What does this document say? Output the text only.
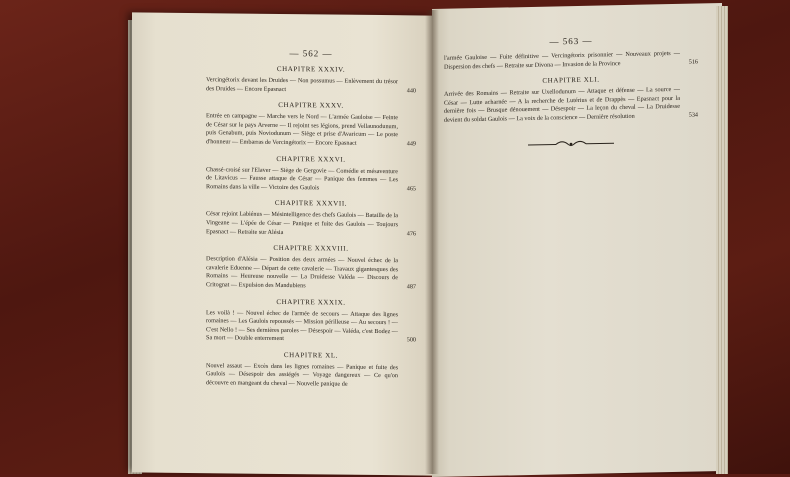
— 562 —
CHAPITRE XXXIV.
Vercingétorix devant les Druides — Non possumus — Enlèvement du trésor des Druides — Encore Epasnact	440
CHAPITRE XXXV.
Entrée en campagne — Marche vers le Nord — L'armée Gauloise — Feinte de César sur le pays Arverne — Il rejoint ses légions, prend Vellaunodunum, puis Genabum, puis Noviodunum — Siège et prise d'Avaricum — Le poste d'honneur — Embarras de Vercingétorix — Encore Epasnact	449
CHAPITRE XXXVI.
Chassé-croisé sur l'Elaver — Siège de Gergovie — Comédie et mésaventure de Litavicus — Fausse attaque de César — Panique des femmes — Les Romains dans la ville — Victoire des Gaulois	465
CHAPITRE XXXVII.
César rejoint Labiénus — Mésintelligence des chefs Gaulois — Bataille de la Vingeane — L'épée de César — Panique et fuite des Gaulois — Toujours Epasnact — Retraite sur Alésia	476
CHAPITRE XXXVIII.
Description d'Alésia — Position des deux armées — Nouvel échec de la cavalerie Eduenne — Départ de cette cavalerie — Travaux gigantesques des Romains — Heureuse nouvelle — La Druidesse Valéda — Discours de Critognat — Expulsion des Mandubiens	487
CHAPITRE XXXIX.
Les voilà ! — Nouvel échec de l'armée de secours — Attaque des lignes romaines — Les Gaulois repoussés — Mission périlleuse — Au secours ! — C'est Nello ! — Ses dernières paroles — Désespoir — Valéda, c'est Bodez — Sa mort — Double enterrement	500
CHAPITRE XL.
Nouvel assaut — Excès dans les lignes romaines — Panique et fuite des Gaulois — Désespoir des assiégés — Voyage dangereux — Ce qu'on découvre en mangeant du cheval — Nouvelle panique de
— 563 —
l'armée Gauloise — Fuite définitive — Vercingétorix prisonnier — Nouveaux projets — Dispersion des chefs — Retraite sur Divona — Invasion de la Province	516
CHAPITRE XLI.
Arrivée des Romains — Retraite sur Uxellodunum — Attaque et défense — La source — César — Lutte acharnée — A la recherche de Lutérius et de Drappès — Epasnact pour la dernière fois — Brusque dénouement — Désespoir — La leçon du cheval — La Druidesse devient du soldat Gaulois — La voix de la conscience — Dernière résolution	534
